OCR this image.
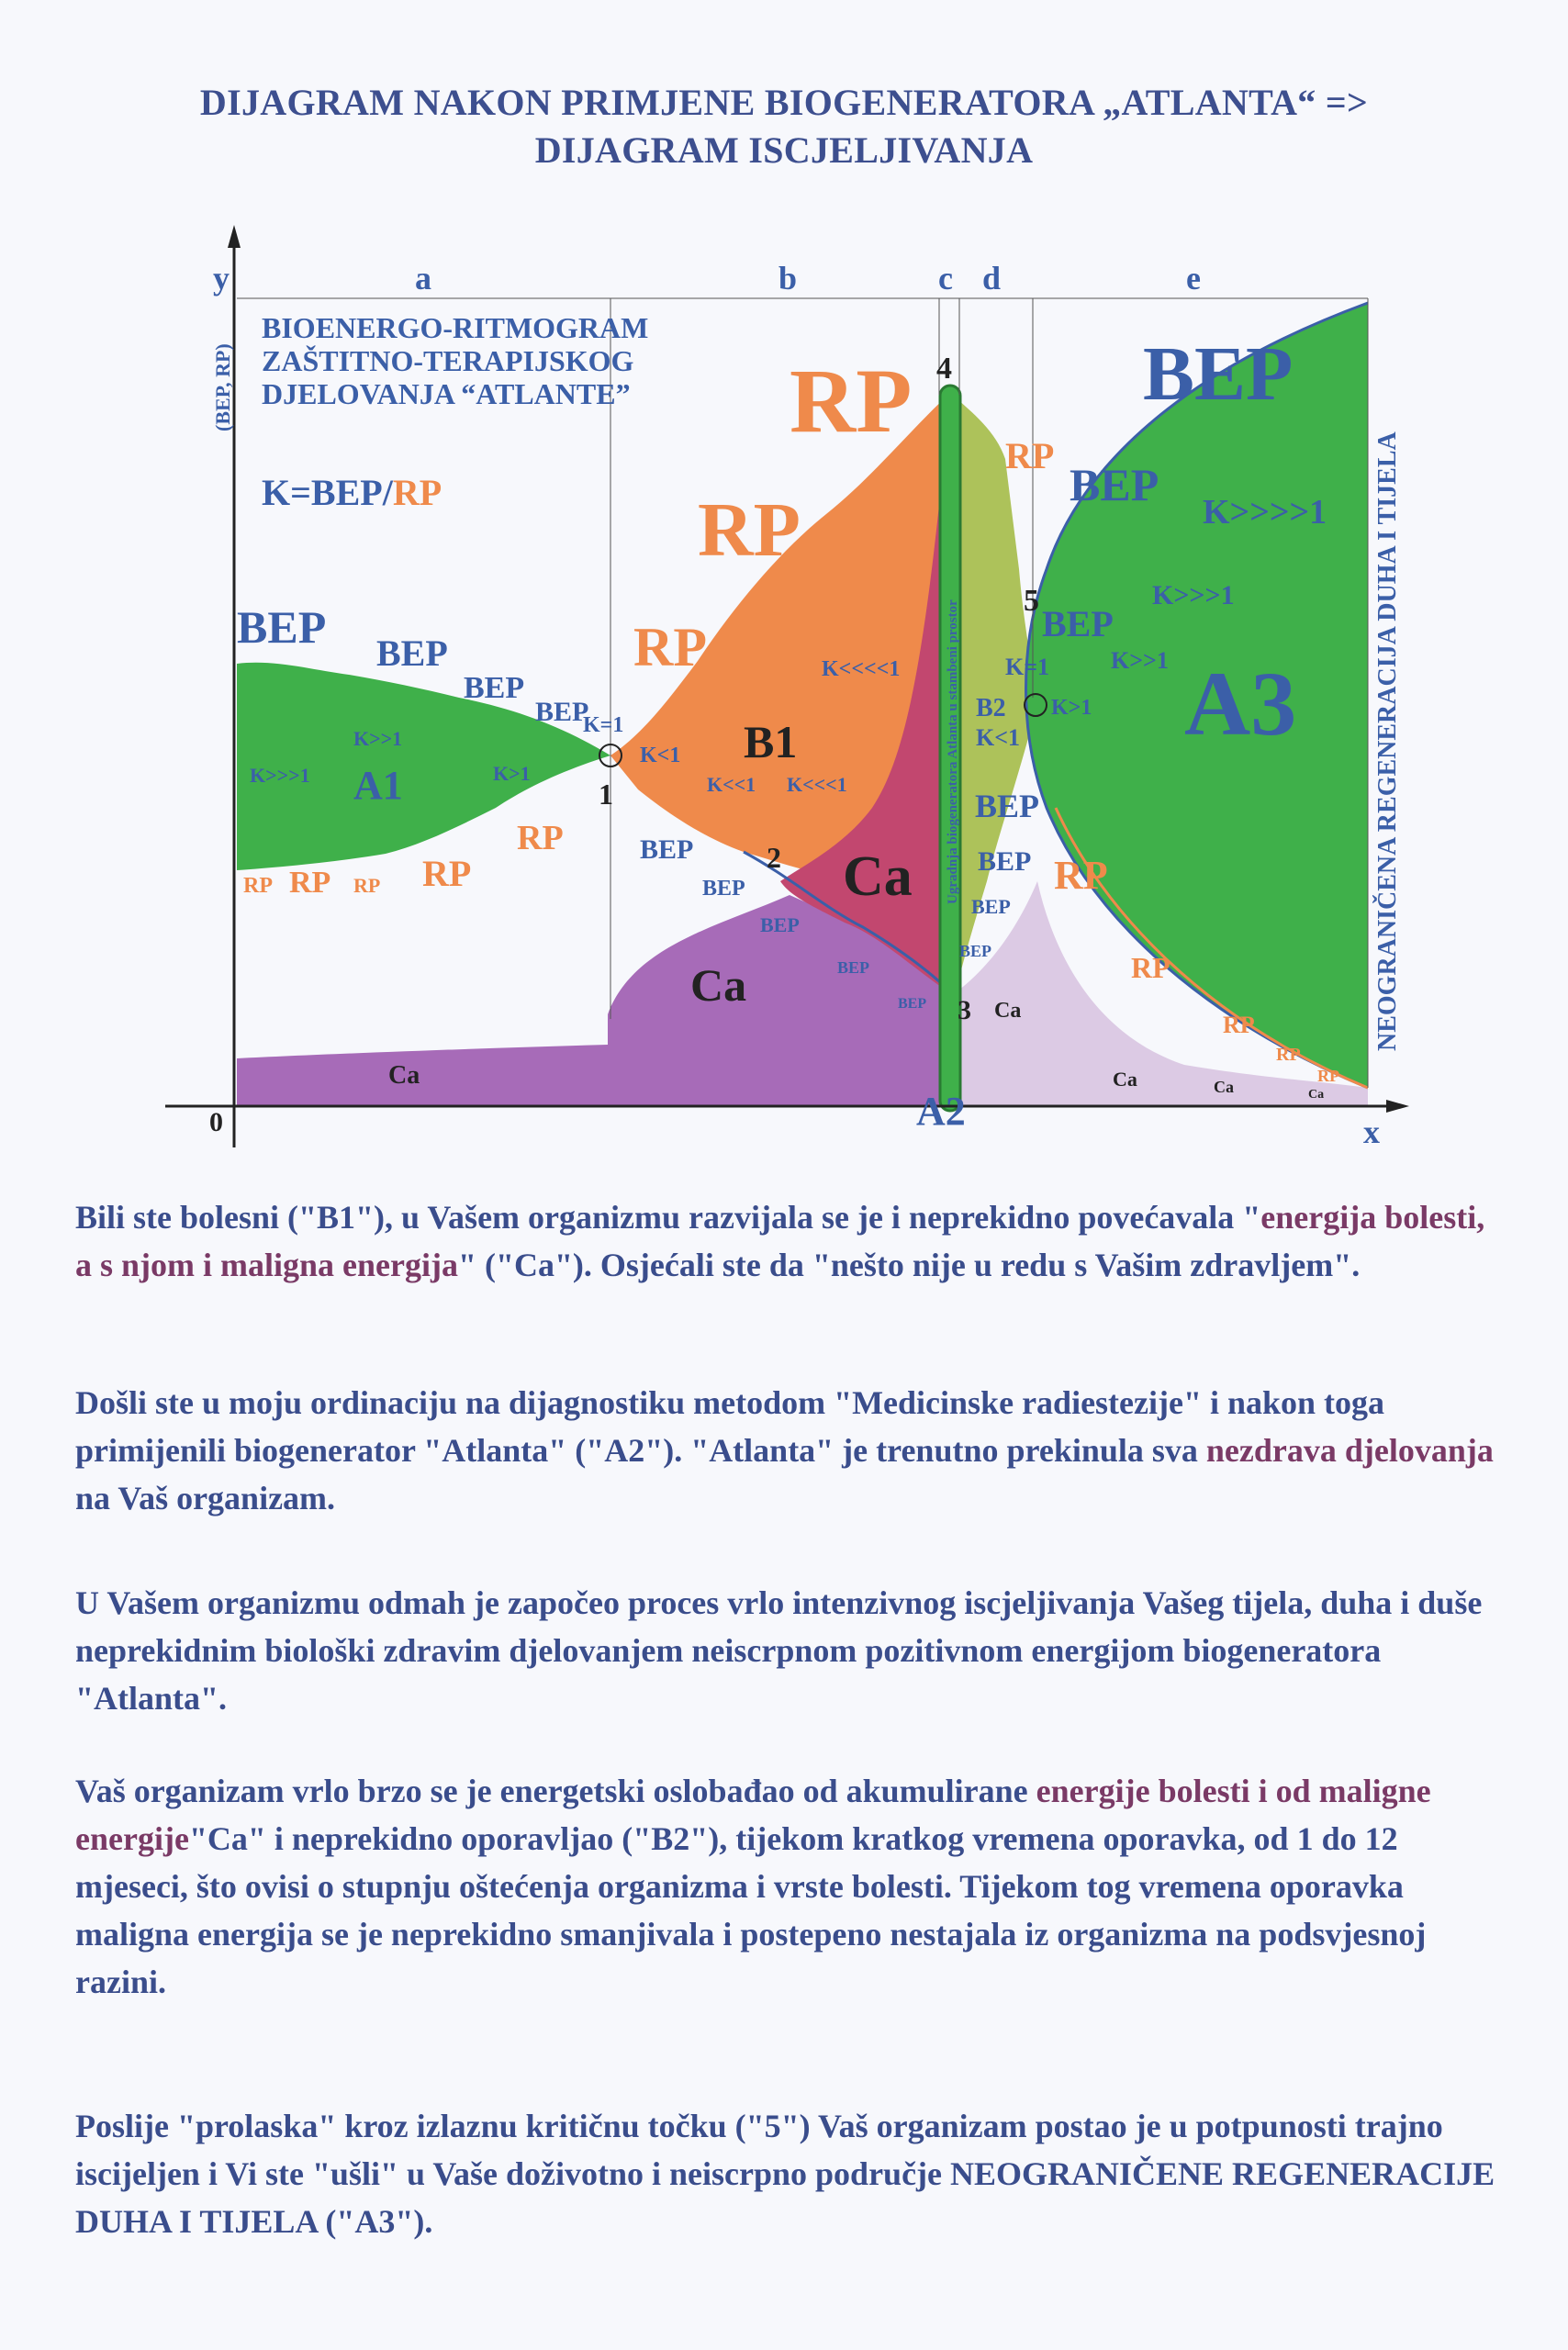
DIJAGRAM NAKON PRIMJENE BIOGENERATORA „ATLANTA“ =>
DIJAGRAM ISCJELJIVANJA
y
x
0
(BEP, RP)
a	b	c d	e
BIOENERGO-RITMOGRAM
ZAŠTITNO-TERAPIJSKOG
DJELOVANJA “ATLANTE”
K=BEP/RP
RP
RP
RP
RP
RP
RP
RP
RP
RP
RP RP RP RP
RP
BEP
BEP
BEP
BEP
BEP
BEP
BEP
BEP
BEP
BEP
BEP
BEP
BEP
BEP
BEP
BEP
K>>>1
K>>1
K>1
K=1
K<1
K<<1 K<<<1
K<<<<1	K=1
K<1
K>1
K>>1
K>>>1
K>>>>1
A1
B1
Ca
Ca
Ca
Ca
Ca	Ca	Ca
B2 A3
A2
1
2
3
4
5
Ugradnja biogeneratora Atlanta u stambeni prostor	NEOGRANIČENA REGENERACIJA DUHA I TIJELA

Bili ste bolesni ("B1"), u Vašem organizmu razvijala se je i neprekidno povećavala "energija bolesti, a s njom i maligna energija" ("Ca"). Osjećali ste da "nešto nije u redu s Vašim zdravljem".

Došli ste u moju ordinaciju na dijagnostiku metodom "Medicinske radiestezije" i nakon toga primijenili biogenerator "Atlanta" ("A2"). "Atlanta" je trenutno prekinula sva nezdrava djelovanja na Vaš organizam.

U Vašem organizmu odmah je započeo proces vrlo intenzivnog iscjeljivanja Vašeg tijela, duha i duše neprekidnim biološki zdravim djelovanjem neiscrpnom pozitivnom energijom biogeneratora "Atlanta".

Vaš organizam vrlo brzo se je energetski oslobađao od akumulirane energije bolesti i od maligne energije"Ca" i neprekidno oporavljao ("B2"), tijekom kratkog vremena oporavka, od 1 do 12 mjeseci, što ovisi o stupnju oštećenja organizma i vrste bolesti. Tijekom tog vremena oporavka maligna energija se je neprekidno smanjivala i postepeno nestajala iz organizma na podsvjesnoj razini.

Poslije "prolaska" kroz izlaznu kritičnu točku ("5") Vaš organizam postao je u potpunosti trajno iscijeljen i Vi ste "ušli" u Vaše doživotno i neiscrpno područje NEOGRANIČENE REGENERACIJE DUHA I TIJELA ("A3").
